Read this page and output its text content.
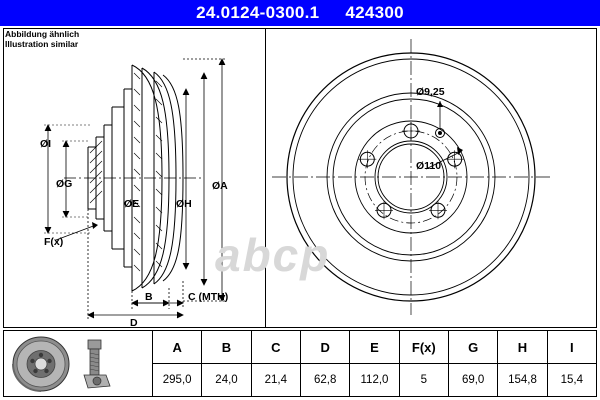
24.0124-0300.1 424300
Abbildung ähnlich
Illustration similar
ØI
ØG
ØE	ØH
ØA
F(x)
B	C (MTH)
D
Ø9,25
Ø110
abcp
A	B	C	D	E	F(x)	G	H	I
295,0	24,0	21,4	62,8	112,0	5	69,0	154,8	15,4
